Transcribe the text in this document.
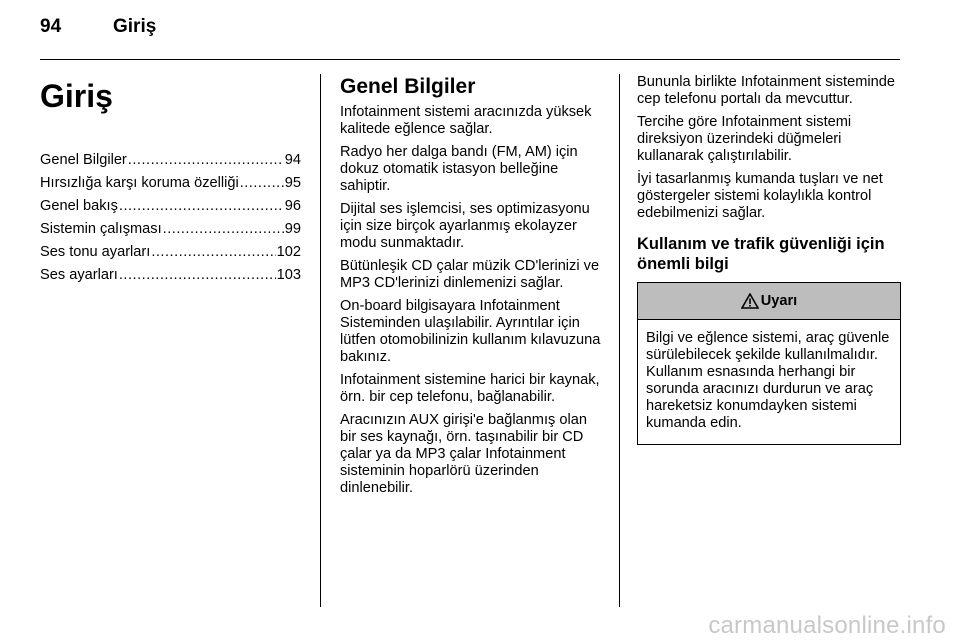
94	Giriş
Giriş
Genel Bilgiler .....	94
Hırsızlığa karşı koruma özelliği .....	95
Genel bakış .....	96
Sistemin çalışması .....	99
Ses tonu ayarları .....	102
Ses ayarları .....	103
Genel Bilgiler

Infotainment sistemi aracınızda yüksek kalitede eğlence sağlar.

Radyo her dalga bandı (FM, AM) için dokuz otomatik istasyon belleğine sahiptir.

Dijital ses işlemcisi, ses optimizasyonu için size birçok ayarlanmış ekolayzer modu sunmaktadır.

Bütünleşik CD çalar müzik CD'lerinizi ve MP3 CD'lerinizi dinlemenizi sağlar.

On-board bilgisayara Infotainment Sisteminden ulaşılabilir. Ayrıntılar için lütfen otomobilinizin kullanım kılavuzuna bakınız.

Infotainment sistemine harici bir kaynak, örn. bir cep telefonu, bağlanabilir.

Aracınızın AUX girişi'e bağlanmış olan bir ses kaynağı, örn. taşınabilir bir CD çalar ya da MP3 çalar Infotainment sisteminin hoparlörü üzerinden dinlenebilir.

Bununla birlikte Infotainment sisteminde cep telefonu portalı da mevcuttur.

Tercihe göre Infotainment sistemi direksiyon üzerindeki düğmeleri kullanarak çalıştırılabilir.

İyi tasarlanmış kumanda tuşları ve net göstergeler sistemi kolaylıkla kontrol edebilmenizi sağlar.

Kullanım ve trafik güvenliği için önemli bilgi
Uyarı
Bilgi ve eğlence sistemi, araç güvenle sürülebilecek şekilde kullanılmalıdır. Kullanım esnasında herhangi bir sorunda aracınızı durdurun ve araç hareketsiz konumdayken sistemi kumanda edin.
carmanualsonline.info
